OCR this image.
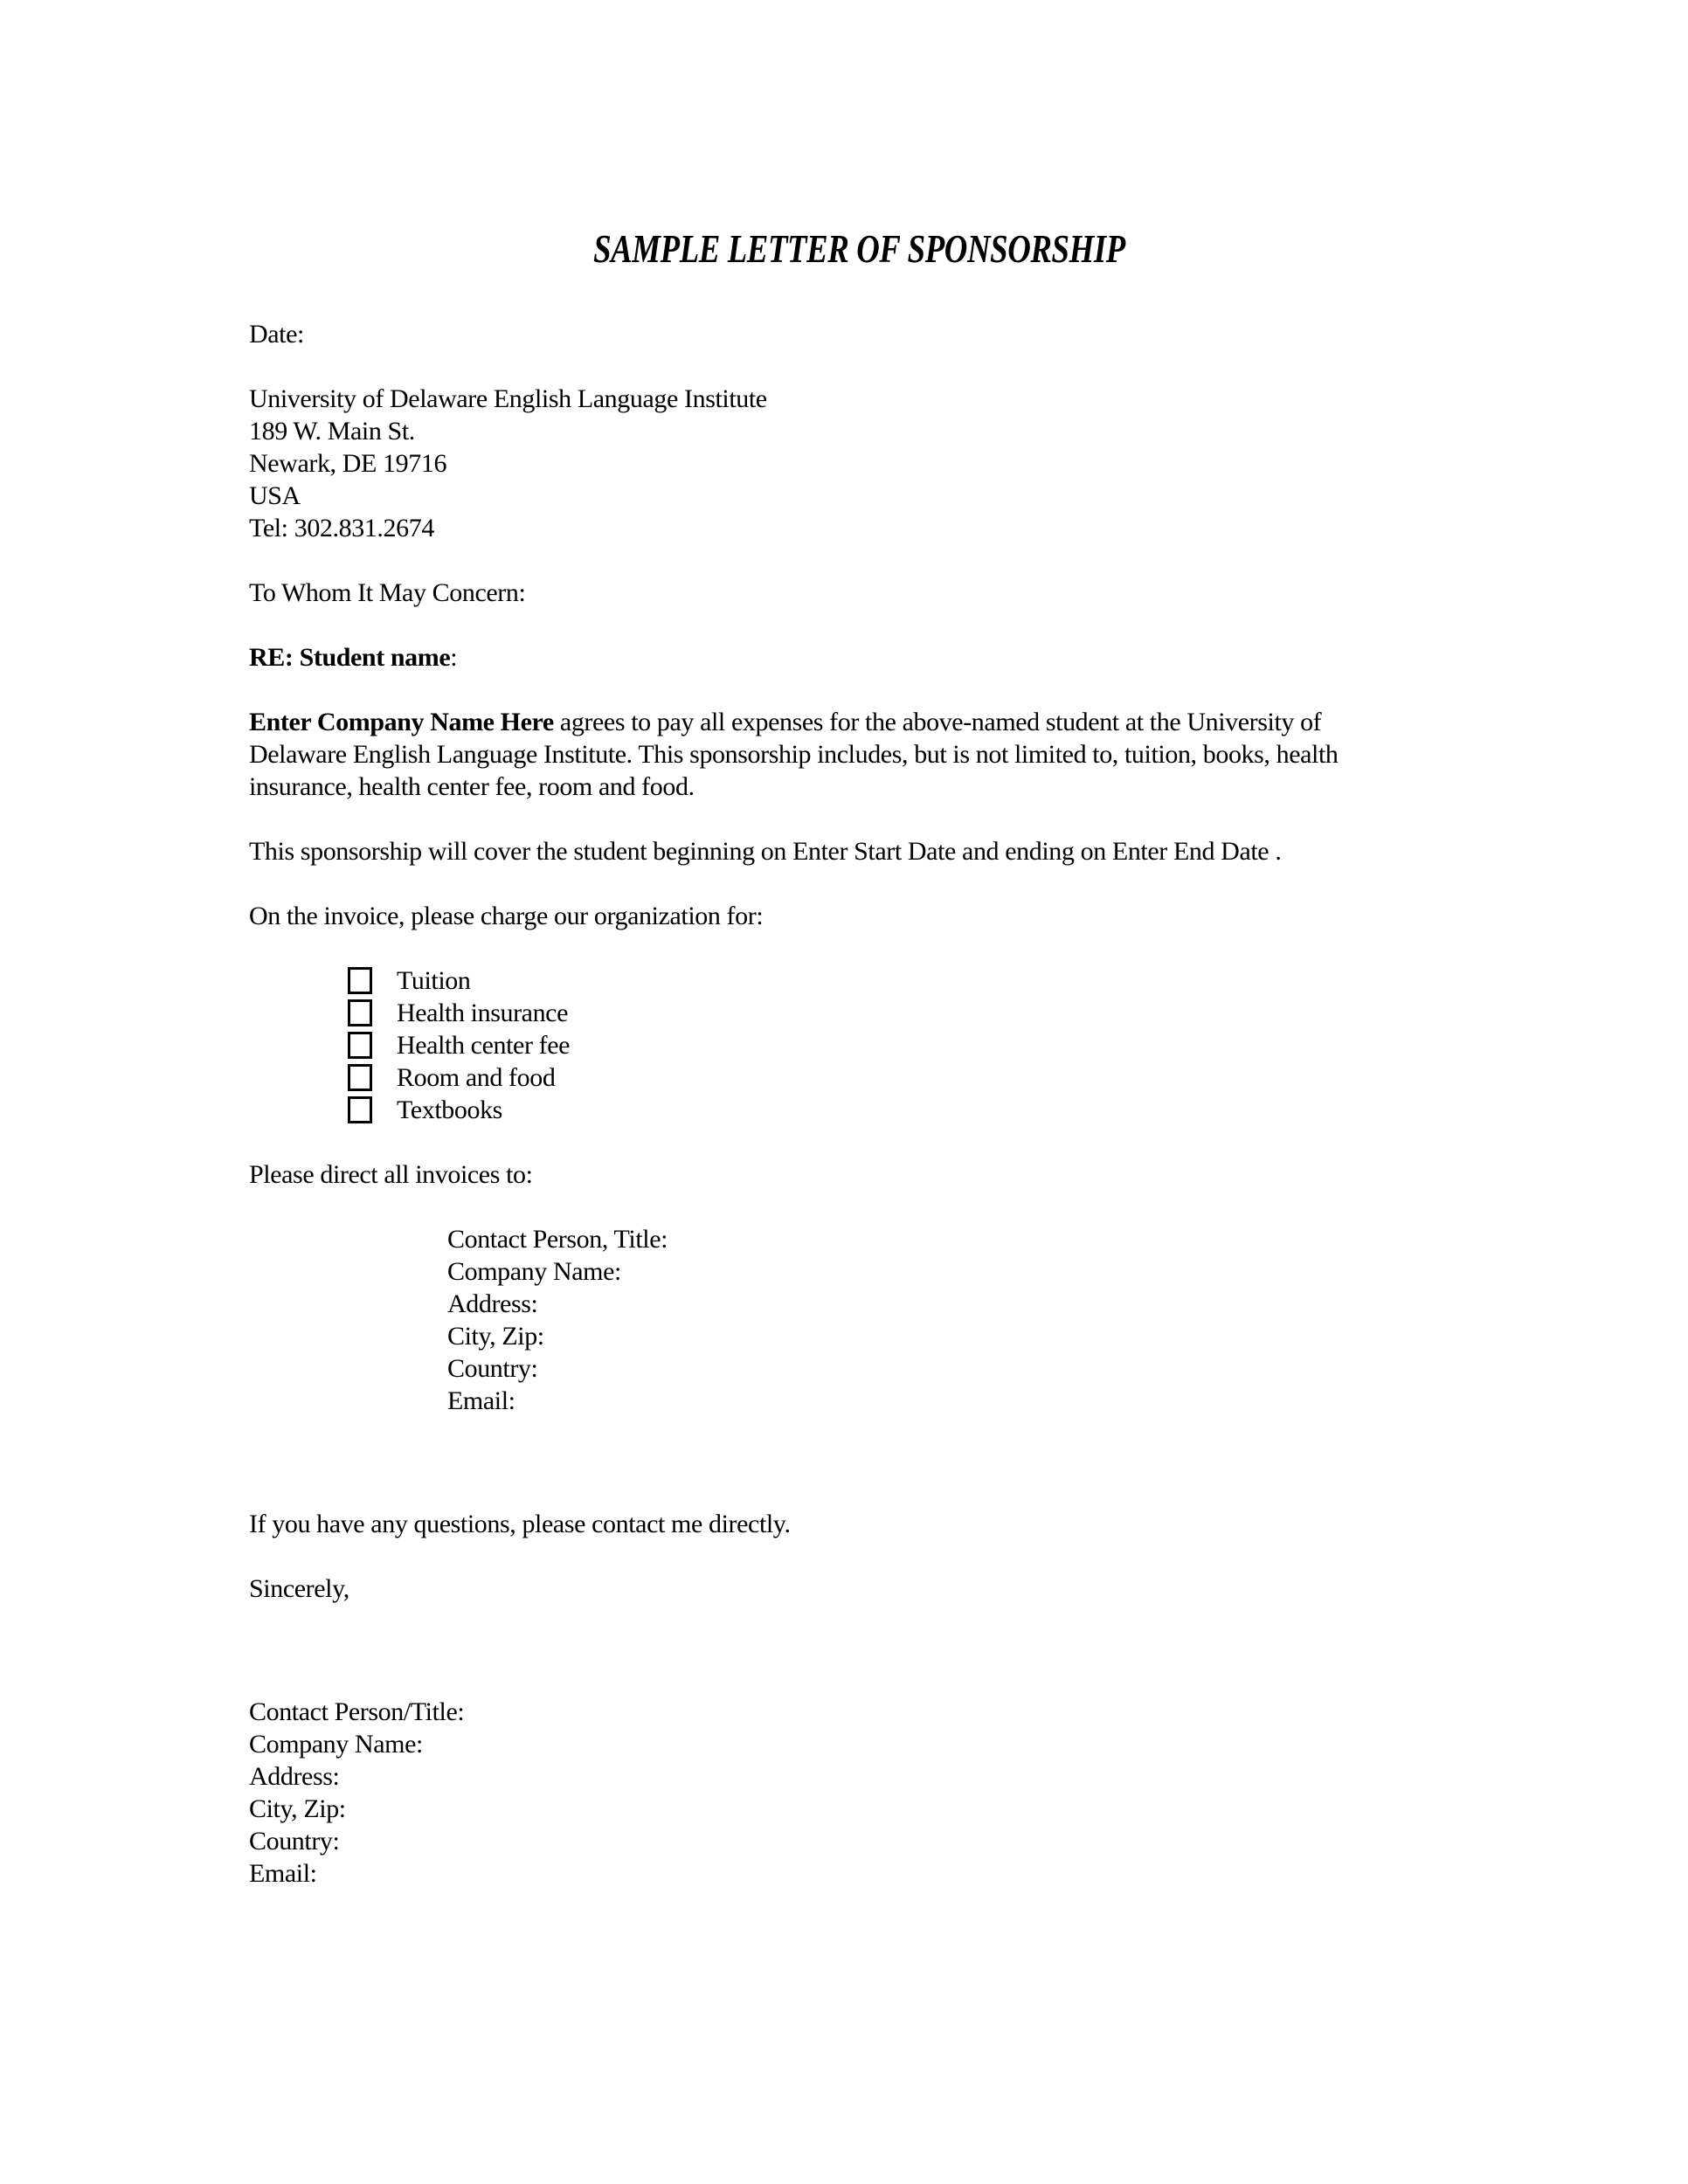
SAMPLE LETTER OF SPONSORSHIP

Date:

University of Delaware English Language Institute
189 W. Main St.
Newark, DE 19716
USA
Tel: 302.831.2674

To Whom It May Concern:

RE: Student name:

Enter Company Name Here agrees to pay all expenses for the above-named student at the University of
Delaware English Language Institute. This sponsorship includes, but is not limited to, tuition, books, health
insurance, health center fee, room and food.

This sponsorship will cover the student beginning on Enter Start Date and ending on Enter End Date .

On the invoice, please charge our organization for:

Tuition
Health insurance
Health center fee
Room and food
Textbooks

Please direct all invoices to:

Contact Person, Title:
Company Name:
Address:
City, Zip:
Country:
Email:

If you have any questions, please contact me directly.

Sincerely,

Contact Person/Title:
Company Name:
Address:
City, Zip:
Country:
Email:
